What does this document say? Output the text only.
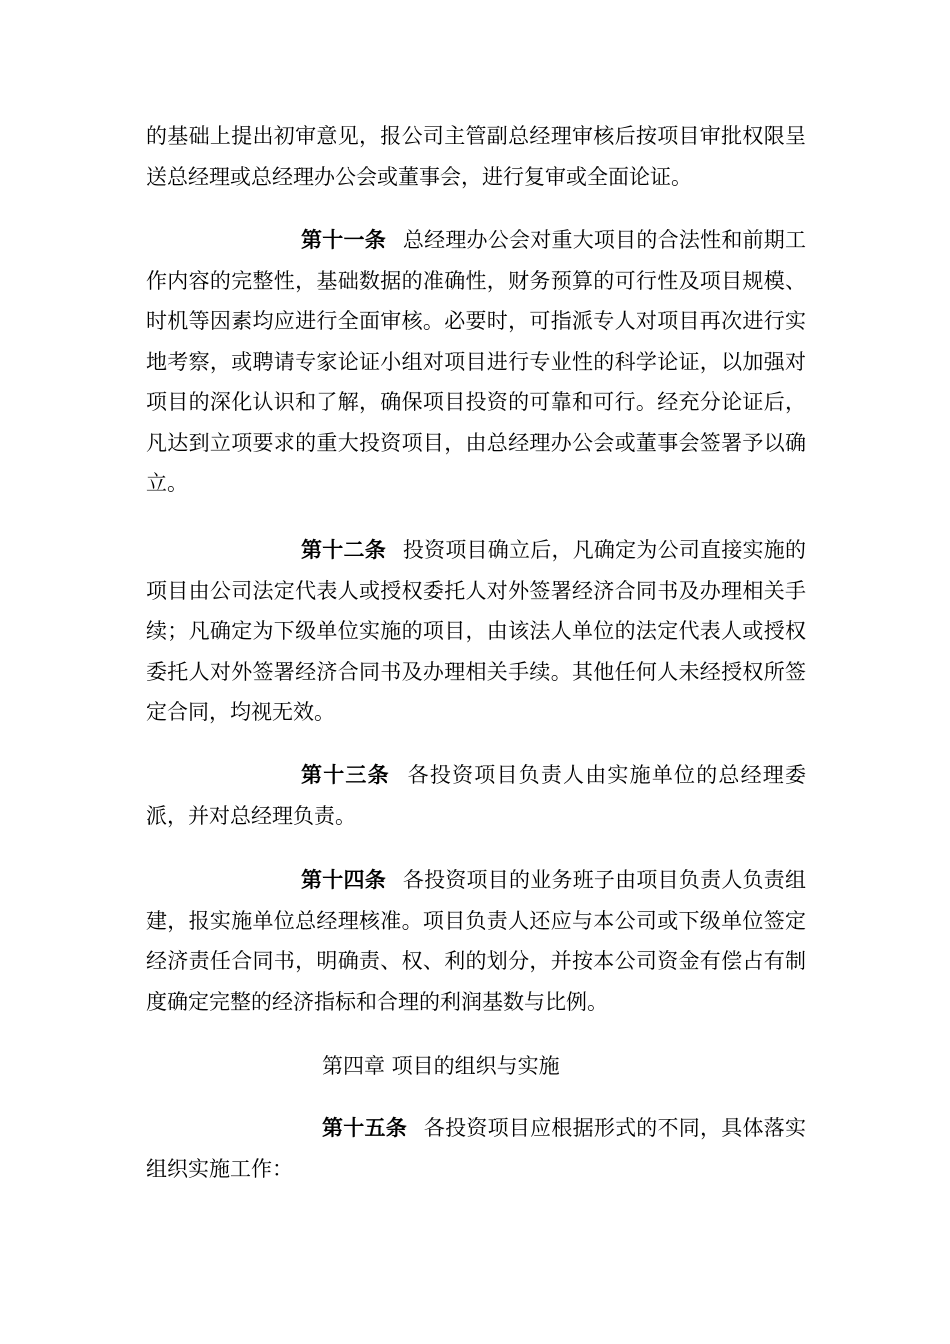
的基础上提出初审意见，报公司主管副总经理审核后按项目审批权限呈送总经理或总经理办公会或董事会，进行复审或全面论证。

第十一条 总经理办公会对重大项目的合法性和前期工作内容的完整性，基础数据的准确性，财务预算的可行性及项目规模、时机等因素均应进行全面审核。必要时，可指派专人对项目再次进行实地考察，或聘请专家论证小组对项目进行专业性的科学论证，以加强对项目的深化认识和了解，确保项目投资的可靠和可行。经充分论证后，凡达到立项要求的重大投资项目，由总经理办公会或董事会签署予以确立。

第十二条 投资项目确立后，凡确定为公司直接实施的项目由公司法定代表人或授权委托人对外签署经济合同书及办理相关手续；凡确定为下级单位实施的项目，由该法人单位的法定代表人或授权委托人对外签署经济合同书及办理相关手续。其他任何人未经授权所签定合同，均视无效。

第十三条 各投资项目负责人由实施单位的总经理委派，并对总经理负责。

第十四条 各投资项目的业务班子由项目负责人负责组建，报实施单位总经理核准。项目负责人还应与本公司或下级单位签定经济责任合同书，明确责、权、利的划分，并按本公司资金有偿占有制度确定完整的经济指标和合理的利润基数与比例。

第四章 项目的组织与实施

第十五条 各投资项目应根据形式的不同，具体落实组织实施工作：
